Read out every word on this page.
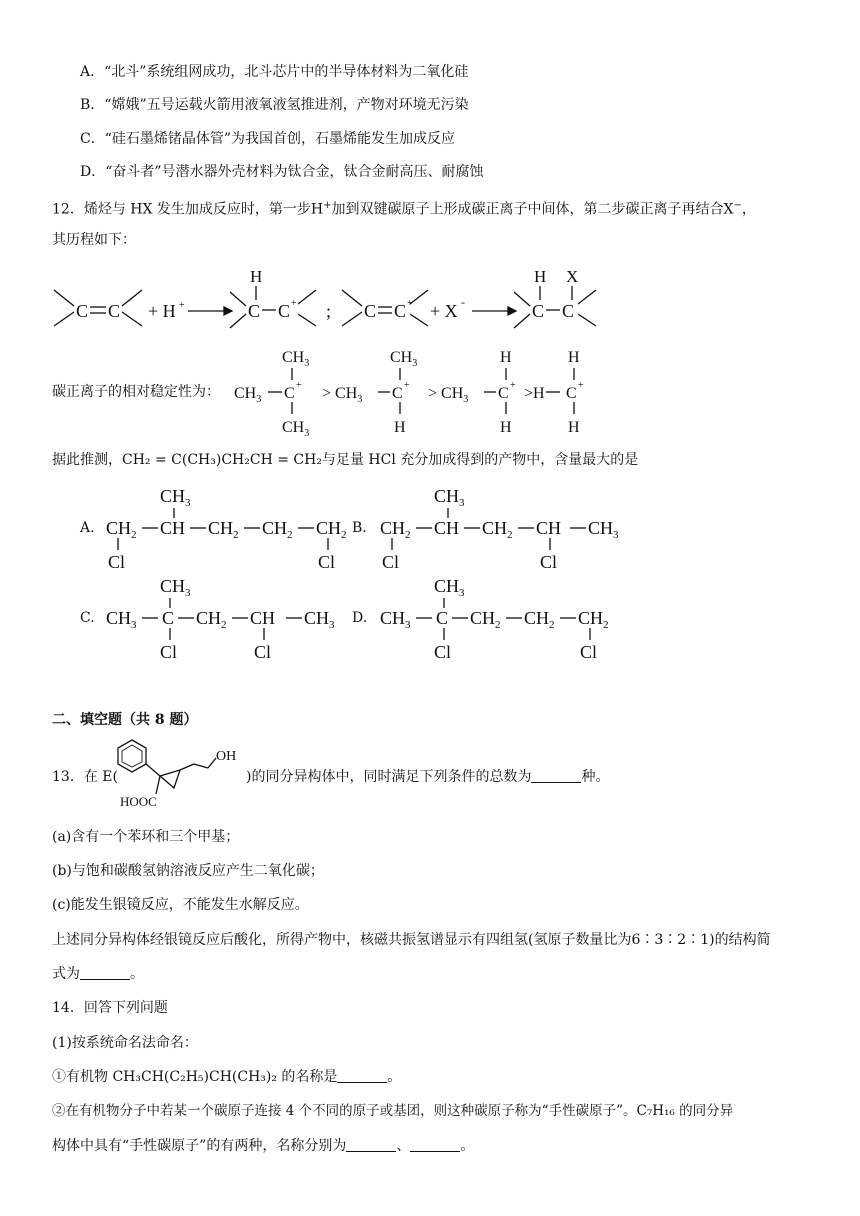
A．“北斗”系统组网成功，北斗芯片中的半导体材料为二氧化硅
B．“嫦娥”五号运载火箭用液氧液氢推进剂，产物对环境无污染
C．“硅石墨烯锗晶体管”为我国首创，石墨烯能发生加成反应
D．“奋斗者”号潜水器外壳材料为钛合金，钛合金耐高压、耐腐蚀
12．烯烃与 HX 发生加成反应时，第一步H+加到双键碳原子上形成碳正离子中间体，第二步碳正离子再结合X−，
其历程如下：
C C + H +
H
C C + ; C C + + X -
H X
C C
碳正离子的相对稳定性为：
$CH_3$
$CH_3$ C +
$CH_3$
> $CH_3$
$CH_3$
C +
H
> $CH_3$
H
C +
H
>H
H
C +
H
据此推测，CH₂ = C(CH₃)CH₂CH = CH₂与足量 HCl 充分加成得到的产物中，含量最大的是
A.
$CH_3$
$CH_2$ CH $CH_2$ $CH_2$ $CH_2$
Cl	Cl
B.
$CH_3$
$CH_2$ CH $CH_2$ CH $CH_3$
Cl	Cl
C.
$CH_3$
$CH_3$ C $CH_2$ CH $CH_3$
Cl	Cl
D.
$CH_3$
$CH_3$ C $CH_2$ $CH_2$ $CH_2$
Cl	Cl
二、填空题（共 8 题）
13．在 E(
OH
HOOC
)的同分异构体中，同时满足下列条件的总数为	种。
(a)含有一个苯环和三个甲基；
(b)与饱和碳酸氢钠溶液反应产生二氧化碳；
(c)能发生银镜反应，不能发生水解反应。
上述同分异构体经银镜反应后酸化，所得产物中，核磁共振氢谱显示有四组氢(氢原子数量比为6∶3∶2∶1)的结构简
式为	。
14．回答下列问题
(1)按系统命名法命名：
①有机物 CH₃CH(C₂H₅)CH(CH₃)₂ 的名称是	。
②在有机物分子中若某一个碳原子连接 4 个不同的原子或基团，则这种碳原子称为“手性碳原子”。C₇H₁₆ 的同分异
构体中具有“手性碳原子”的有两种，名称分别为	、	。
